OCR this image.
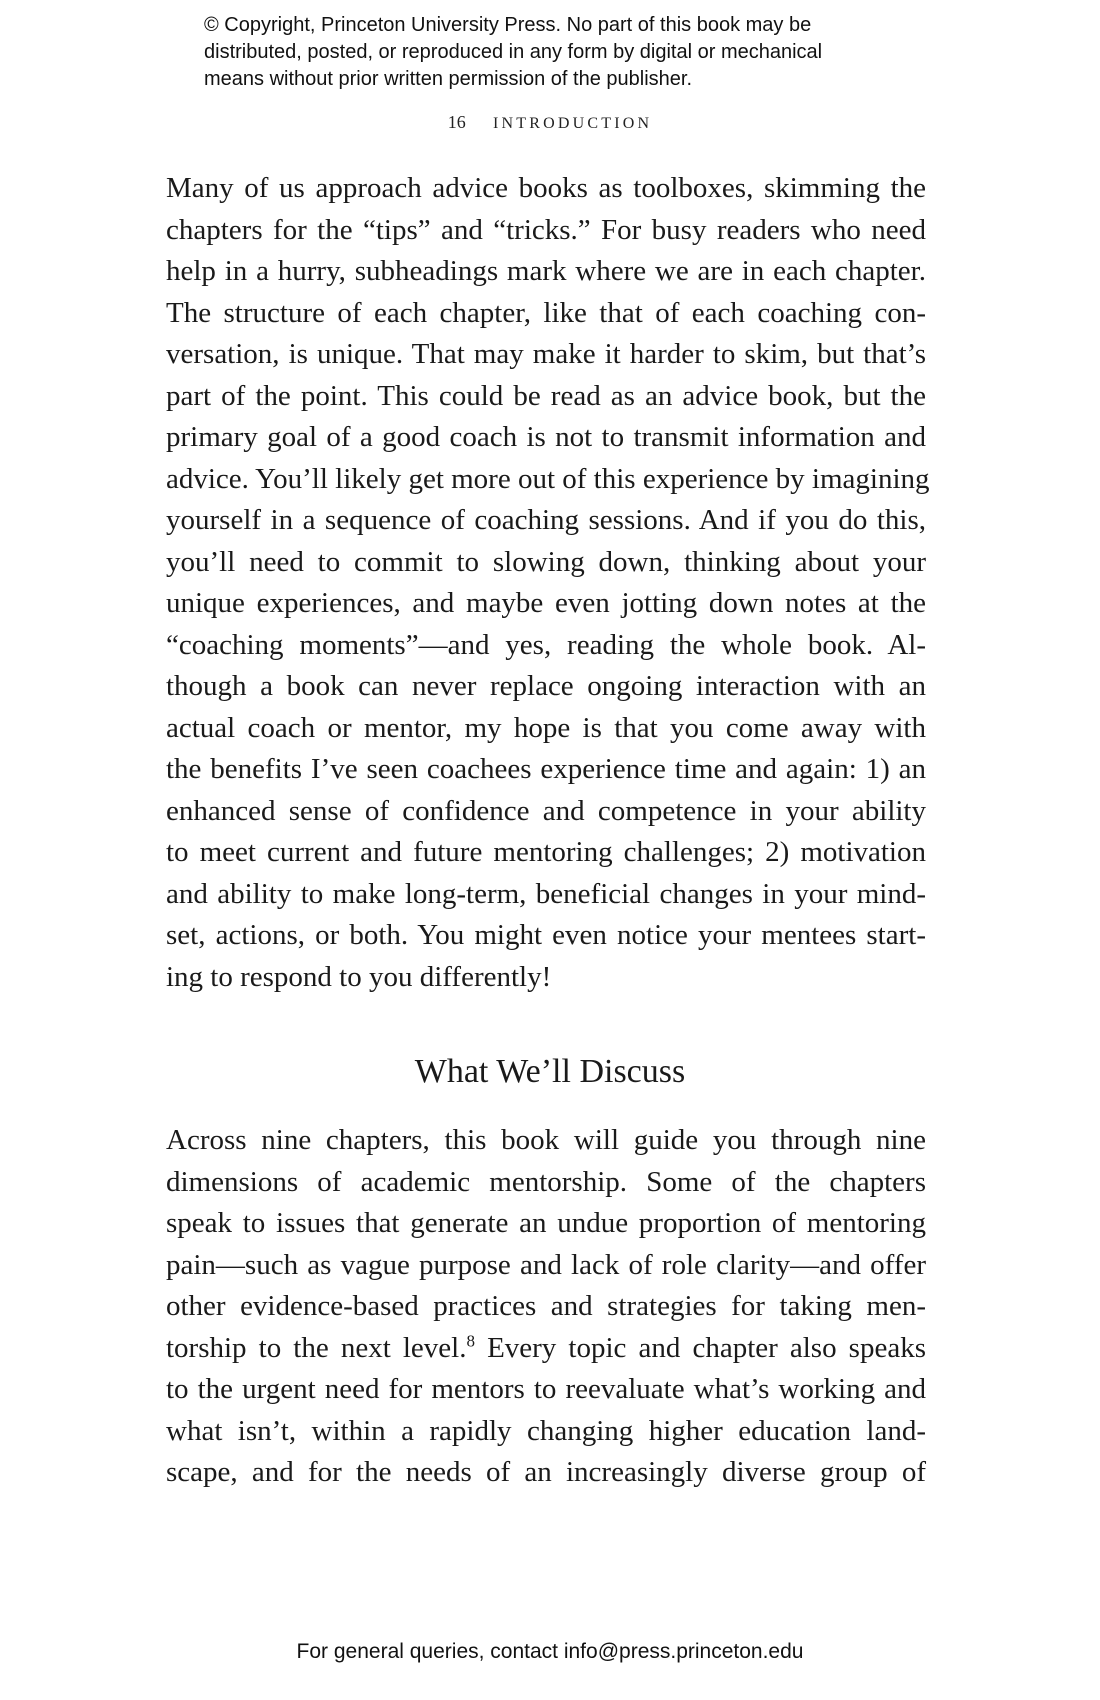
© Copyright, Princeton University Press. No part of this book may be
distributed, posted, or reproduced in any form by digital or mechanical
means without prior written permission of the publisher.
16 INTRODUCTION
Many of us approach advice books as toolboxes, skimming the
chapters for the “tips” and “tricks.” For busy readers who need
help in a hurry, subheadings mark where we are in each chapter.
The structure of each chapter, like that of each coaching con-
versation, is unique. That may make it harder to skim, but that’s
part of the point. This could be read as an advice book, but the
primary goal of a good coach is not to transmit information and
advice. You’ll likely get more out of this experience by imagining
yourself in a sequence of coaching sessions. And if you do this,
you’ll need to commit to slowing down, thinking about your
unique experiences, and maybe even jotting down notes at the
“coaching moments”—and yes, reading the whole book. Al-
though a book can never replace ongoing interaction with an
actual coach or mentor, my hope is that you come away with
the benefits I’ve seen coachees experience time and again: 1) an
enhanced sense of confidence and competence in your ability
to meet current and future mentoring challenges; 2) motivation
and ability to make long-term, beneficial changes in your mind-
set, actions, or both. You might even notice your mentees start-
ing to respond to you differently!
What We’ll Discuss
Across nine chapters, this book will guide you through nine
dimensions of academic mentorship. Some of the chapters
speak to issues that generate an undue proportion of mentoring
pain—such as vague purpose and lack of role clarity—and offer
other evidence-based practices and strategies for taking men-
torship to the next level.$^8$ Every topic and chapter also speaks
to the urgent need for mentors to reevaluate what’s working and
what isn’t, within a rapidly changing higher education land-
scape, and for the needs of an increasingly diverse group of
For general queries, contact info@press.princeton.edu
